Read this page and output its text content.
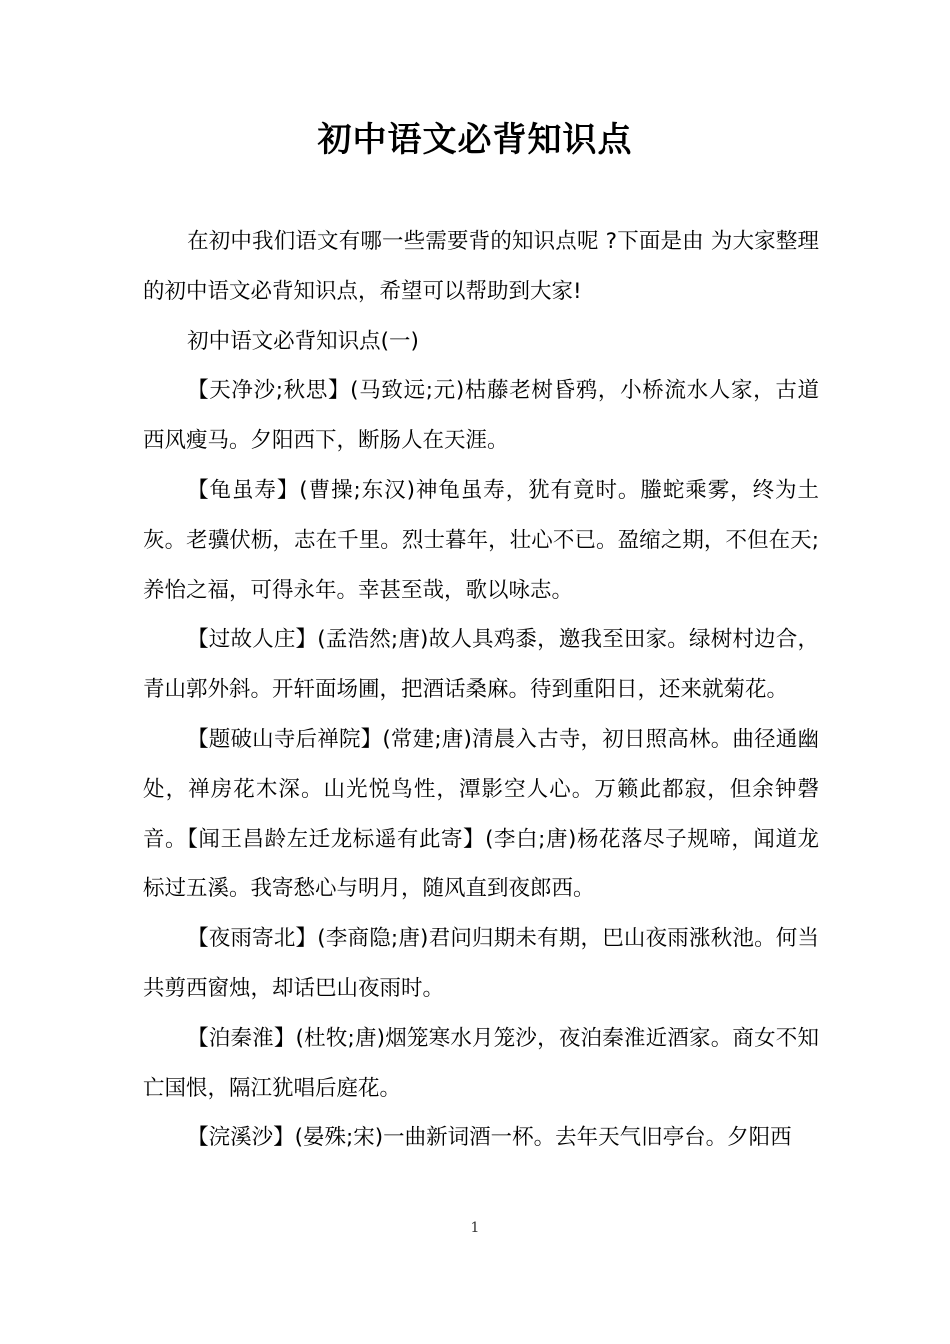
初中语文必背知识点

在初中我们语文有哪一些需要背的知识点呢 ?下面是由 为大家整理的初中语文必背知识点，希望可以帮助到大家!

初中语文必背知识点(一)

【天净沙;秋思】(马致远;元)枯藤老树昏鸦，小桥流水人家，古道西风瘦马。夕阳西下，断肠人在天涯。

【龟虽寿】(曹操;东汉)神龟虽寿，犹有竟时。螣蛇乘雾，终为土灰。老骥伏枥，志在千里。烈士暮年，壮心不已。盈缩之期，不但在天;养怡之福，可得永年。幸甚至哉，歌以咏志。

【过故人庄】(孟浩然;唐)故人具鸡黍，邀我至田家。绿树村边合，青山郭外斜。开轩面场圃，把酒话桑麻。待到重阳日，还来就菊花。

【题破山寺后禅院】(常建;唐)清晨入古寺，初日照高林。曲径通幽处，禅房花木深。山光悦鸟性，潭影空人心。万籁此都寂，但余钟磬音。【闻王昌龄左迁龙标遥有此寄】(李白;唐)杨花落尽子规啼，闻道龙标过五溪。我寄愁心与明月，随风直到夜郎西。

【夜雨寄北】(李商隐;唐)君问归期未有期，巴山夜雨涨秋池。何当共剪西窗烛，却话巴山夜雨时。

【泊秦淮】(杜牧;唐)烟笼寒水月笼沙，夜泊秦淮近酒家。商女不知亡国恨，隔江犹唱后庭花。

【浣溪沙】(晏殊;宋)一曲新词酒一杯。去年天气旧亭台。夕阳西

1
